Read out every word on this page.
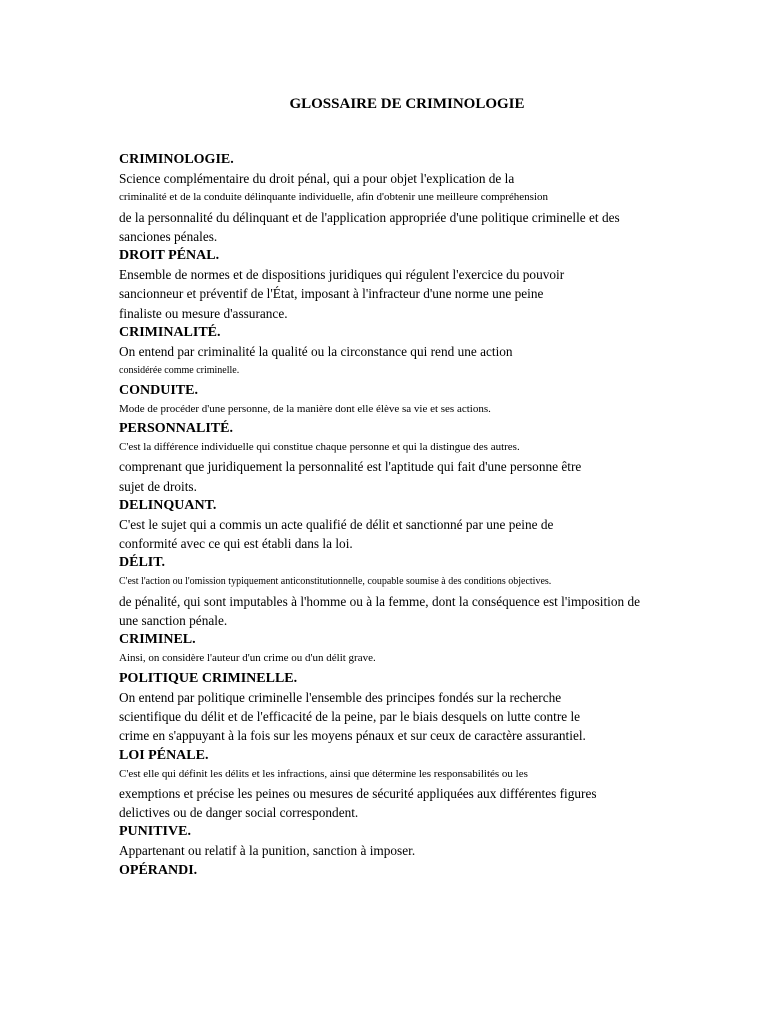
GLOSSAIRE DE CRIMINOLOGIE
CRIMINOLOGIE.
Science complémentaire du droit pénal, qui a pour objet l'explication de la
criminalité et de la conduite délinquante individuelle, afin d'obtenir une meilleure compréhension
de la personnalité du délinquant et de l'application appropriée d'une politique criminelle et des
sanciones pénales.
DROIT PÉNAL.
Ensemble de normes et de dispositions juridiques qui régulent l'exercice du pouvoir
sancionneur et préventif de l'État, imposant à l'infracteur d'une norme une peine
finaliste ou mesure d'assurance.
CRIMINALITÉ.
On entend par criminalité la qualité ou la circonstance qui rend une action
considérée comme criminelle.
CONDUITE.
Mode de procéder d'une personne, de la manière dont elle élève sa vie et ses actions.
PERSONNALITÉ.
C'est la différence individuelle qui constitue chaque personne et qui la distingue des autres.
comprenant que juridiquement la personnalité est l'aptitude qui fait d'une personne être
sujet de droits.
DELINQUANT.
C'est le sujet qui a commis un acte qualifié de délit et sanctionné par une peine de
conformité avec ce qui est établi dans la loi.
DÉLIT.
C'est l'action ou l'omission typiquement anticonstitutionnelle, coupable soumise à des conditions objectives.
de pénalité, qui sont imputables à l'homme ou à la femme, dont la conséquence est l'imposition de
une sanction pénale.
CRIMINEL.
Ainsi, on considère l'auteur d'un crime ou d'un délit grave.
POLITIQUE CRIMINELLE.
On entend par politique criminelle l'ensemble des principes fondés sur la recherche
scientifique du délit et de l'efficacité de la peine, par le biais desquels on lutte contre le
crime en s'appuyant à la fois sur les moyens pénaux et sur ceux de caractère assurantiel.
LOI PÉNALE.
C'est elle qui définit les délits et les infractions, ainsi que détermine les responsabilités ou les
exemptions et précise les peines ou mesures de sécurité appliquées aux différentes figures
delictives ou de danger social correspondent.
PUNITIVE.
Appartenant ou relatif à la punition, sanction à imposer.
OPÉRANDI.
